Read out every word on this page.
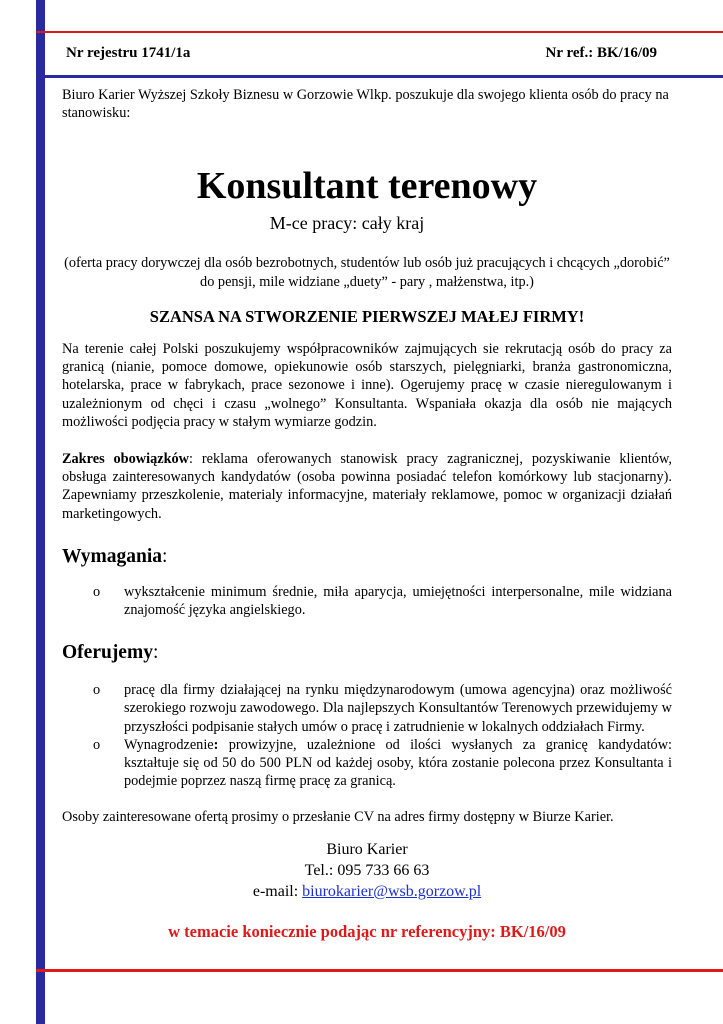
Nr rejestru 1741/1a	Nr ref.: BK/16/09

Biuro Karier Wyższej Szkoły Biznesu w Gorzowie Wlkp. poszukuje dla swojego klienta osób do pracy na stanowisku:

Konsultant terenowy

M-ce pracy: cały kraj

(oferta pracy dorywczej dla osób bezrobotnych, studentów lub osób już pracujących i chcących „dorobić” do pensji, mile widziane „duety” - pary , małżenstwa, itp.)

SZANSA NA STWORZENIE PIERWSZEJ MAŁEJ FIRMY!

Na terenie całej Polski poszukujemy współpracowników zajmujących sie rekrutacją osób do pracy za granicą (nianie, pomoce domowe, opiekunowie osób starszych, pielęgniarki, branża gastronomiczna, hotelarska, prace w fabrykach, prace sezonowe i inne). Ogerujemy pracę w czasie nieregulowanym i uzależnionym od chęci i czasu „wolnego” Konsultanta. Wspaniała okazja dla osób nie mających możliwości podjęcia pracy w stałym wymiarze godzin.

Zakres obowiązków: reklama oferowanych stanowisk pracy zagranicznej, pozyskiwanie klientów, obsługa zainteresowanych kandydatów (osoba powinna posiadać telefon komórkowy lub stacjonarny). Zapewniamy przeszkolenie, materialy informacyjne, materiały reklamowe, pomoc w organizacji działań marketingowych.

Wymagania:
o wykształcenie minimum średnie, miła aparycja, umiejętności interpersonalne, mile widziana znajomość języka angielskiego.
Oferujemy:
o pracę dla firmy działającej na rynku międzynarodowym (umowa agencyjna) oraz możliwość szerokiego rozwoju zawodowego. Dla najlepszych Konsultantów Terenowych przewidujemy w przyszłości podpisanie stałych umów o pracę i zatrudnienie w lokalnych oddziałach Firmy.
o Wynagrodzenie: prowizyjne, uzależnione od ilości wysłanych za granicę kandydatów: kształtuje się od 50 do 500 PLN od każdej osoby, która zostanie polecona przez Konsultanta i podejmie poprzez naszą firmę pracę za granicą.

Osoby zainteresowane ofertą prosimy o przesłanie CV na adres firmy dostępny w Biurze Karier.

Biuro Karier

Tel.: 095 733 66 63

e-mail: biurokarier@wsb.gorzow.pl

w temacie koniecznie podając nr referencyjny: BK/16/09
